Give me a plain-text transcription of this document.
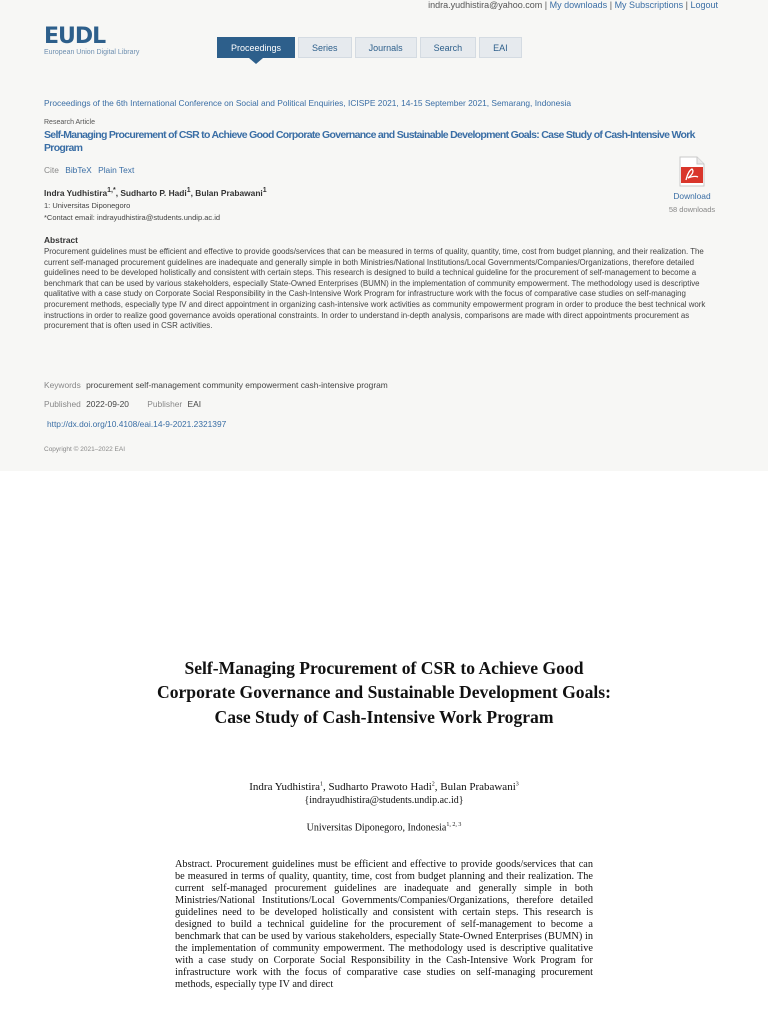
indra.yudhistira@yahoo.com | My downloads | My Subscriptions | Logout
EUDL
European Union Digital Library	Proceedings	Series	Journals	Search	EAI
Proceedings of the 6th International Conference on Social and Political Enquiries, ICISPE 2021, 14-15 September 2021, Semarang, Indonesia
Research Article
Self-Managing Procurement of CSR to Achieve Good Corporate Governance and Sustainable Development Goals: Case Study of Cash-Intensive Work Program
Cite BibTeX Plain Text
Download
58 downloads
Indra Yudhistira$^{1,*}$, Sudharto P. Hadi$^1$, Bulan Prabawani$^1$
1: Universitas Diponegoro
*Contact email: indrayudhistira@students.undip.ac.id
Abstract
Procurement guidelines must be efficient and effective to provide goods/services that can be measured in terms of quality, quantity, time, cost from budget planning, and their realization. The current self-managed procurement guidelines are inadequate and generally simple in both Ministries/National Institutions/Local Governments/Companies/Organizations, therefore detailed guidelines need to be developed holistically and consistent with certain steps. This research is designed to build a technical guideline for the procurement of self-management to become a benchmark that can be used by various stakeholders, especially State-Owned Enterprises (BUMN) in the implementation of community empowerment. The methodology used is descriptive qualitative with a case study on Corporate Social Responsibility in the Cash-Intensive Work Program for infrastructure work with the focus of comparative case studies on self-managing procurement methods, especially type IV and direct appointment in organizing cash-intensive work activities as community empowerment program in order to produce the best technical work instructions in order to realize good governance avoids operational constraints. In order to understand in-depth analysis, comparisons are made with direct appointments procurement as procurement that is often used in CSR activities.
Keywords procurement self-management community empowerment cash-intensive program
Published 2022-09-20 Publisher EAI
http://dx.doi.org/10.4108/eai.14-9-2021.2321397
Copyright © 2021–2022 EAI
Self-Managing Procurement of CSR to Achieve Good Corporate Governance and Sustainable Development Goals: Case Study of Cash-Intensive Work Program
Indra Yudhistira$^1$, Sudharto Prawoto Hadi$^2$, Bulan Prabawani$^3$
{indrayudhistira@students.undip.ac.id}
Universitas Diponegoro, Indonesia$^{1, 2, 3}$
Abstract. Procurement guidelines must be efficient and effective to provide goods/services that can be measured in terms of quality, quantity, time, cost from budget planning and their realization. The current self-managed procurement guidelines are inadequate and generally simple in both Ministries/National Institutions/Local Governments/Companies/Organizations, therefore detailed guidelines need to be developed holistically and consistent with certain steps. This research is designed to build a technical guideline for the procurement of self-management to become a benchmark that can be used by various stakeholders, especially State-Owned Enterprises (BUMN) in the implementation of community empowerment. The methodology used is descriptive qualitative with a case study on Corporate Social Responsibility in the Cash-Intensive Work Program for infrastructure work with the focus of comparative case studies on self-managing procurement methods, especially type IV and direct
